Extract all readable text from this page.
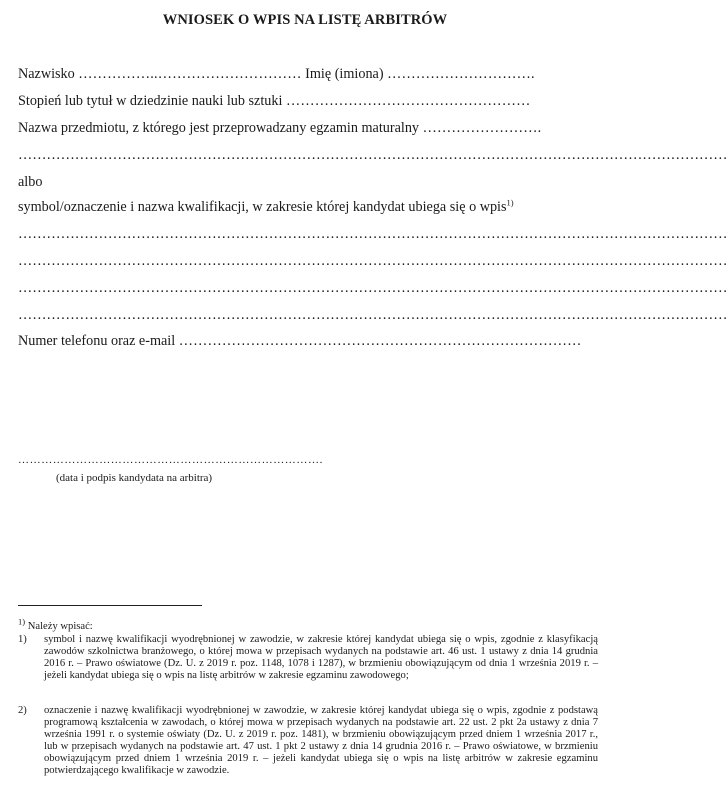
WNIOSEK O WPIS NA LISTĘ ARBITRÓW
Nazwisko ……………..………………………… Imię (imiona) ………………………….
Stopień lub tytuł w dziedzinie nauki lub sztuki ……………………………………………
Nazwa przedmiotu, z którego jest przeprowadzany egzamin maturalny …………………….
……………………………………………………………………………………………………………………………………
albo
symbol/oznaczenie i nazwa kwalifikacji, w zakresie której kandydat ubiega się o wpis$^{1)}$
……………………………………………………………………………………………………………………………………
……………………………………………………………………………………………………………………………………
……………………………………………………………………………………………………………………………………
……………………………………………………………………………………………………………………………………
Numer telefonu oraz e-mail …………………………………………………………………………
…………………………………………………………………….
(data i podpis kandydata na arbitra)
$^{1)}$ Należy wpisać:
1)	symbol i nazwę kwalifikacji wyodrębnionej w zawodzie, w zakresie której kandydat ubiega się o wpis, zgodnie z klasyfikacją zawodów szkolnictwa branżowego, o której mowa w przepisach wydanych na podstawie art. 46 ust. 1 ustawy z dnia 14 grudnia 2016 r. – Prawo oświatowe (Dz. U. z 2019 r. poz. 1148, 1078 i 1287), w brzmieniu obowiązującym od dnia 1 września 2019 r. – jeżeli kandydat ubiega się o wpis na listę arbitrów w zakresie egzaminu zawodowego;
2)	oznaczenie i nazwę kwalifikacji wyodrębnionej w zawodzie, w zakresie której kandydat ubiega się o wpis, zgodnie z podstawą programową kształcenia w zawodach, o której mowa w przepisach wydanych na podstawie art. 22 ust. 2 pkt 2a ustawy z dnia 7 września 1991 r. o systemie oświaty (Dz. U. z 2019 r. poz. 1481), w brzmieniu obowiązującym przed dniem 1 września 2017 r., lub w przepisach wydanych na podstawie art. 47 ust. 1 pkt 2 ustawy z dnia 14 grudnia 2016 r. – Prawo oświatowe, w brzmieniu obowiązującym przed dniem 1 września 2019 r. – jeżeli kandydat ubiega się o wpis na listę arbitrów w zakresie egzaminu potwierdzającego kwalifikacje w zawodzie.
